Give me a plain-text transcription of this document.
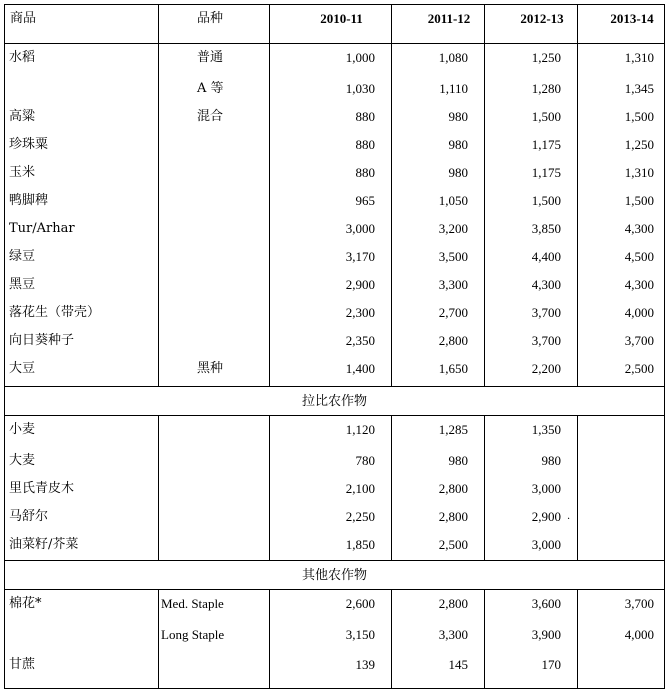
商品	品种	2010-11	2011-12	2012-13	2013-14
水稻	普通	1,000	1,080	1,250	1,310
	A 等	1,030	1,110	1,280	1,345
高粱	混合	880	980	1,500	1,500
珍珠粟		880	980	1,175	1,250
玉米		880	980	1,175	1,310
鸭脚稗		965	1,050	1,500	1,500
Tur/Arhar		3,000	3,200	3,850	4,300
绿豆		3,170	3,500	4,400	4,500
黑豆		2,900	3,300	4,300	4,300
落花生（带壳）		2,300	2,700	3,700	4,000
向日葵种子		2,350	2,800	3,700	3,700
大豆	黑种	1,400	1,650	2,200	2,500
拉比农作物					
小麦		1,120	1,285	1,350	
大麦		780	980	980	
里氏青皮木		2,100	2,800	3,000	
马舒尔		2,250	2,800	2,900	
油菜籽/芥菜		1,850	2,500	3,000	
其他农作物					
棉花*	Med. Staple	2,600	2,800	3,600	3,700
	Long Staple	3,150	3,300	3,900	4,000
甘蔗		139	145	170	
.
